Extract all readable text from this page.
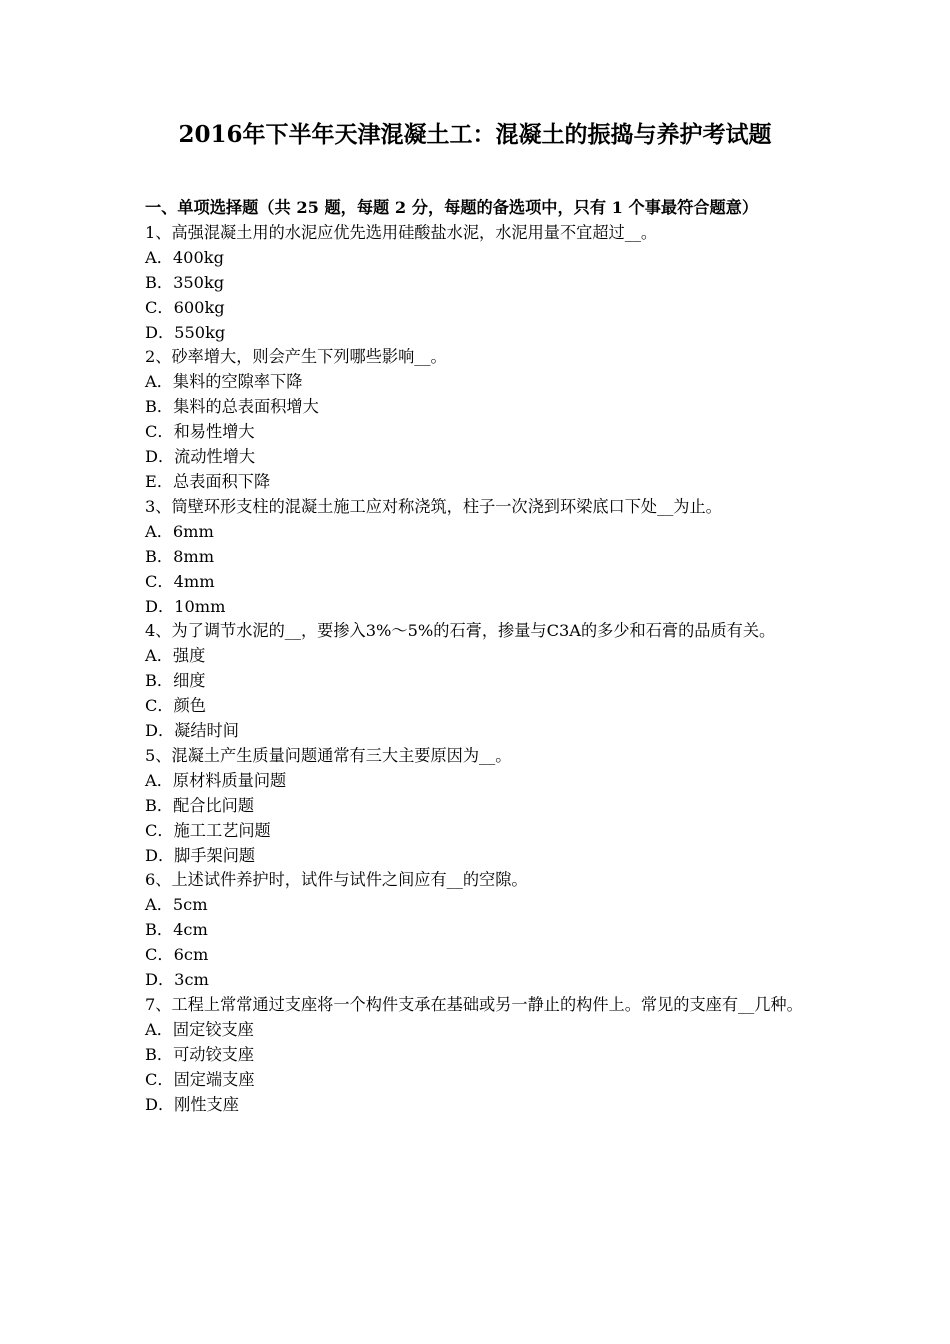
2016年下半年天津混凝土工：混凝土的振捣与养护考试题
一、单项选择题（共 25 题，每题 2 分，每题的备选项中，只有 1 个事最符合题意）
1、高强混凝土用的水泥应优先选用硅酸盐水泥，水泥用量不宜超过__。
A．400kg
B．350kg
C．600kg
D．550kg
2、砂率增大，则会产生下列哪些影响__。
A．集料的空隙率下降
B．集料的总表面积增大
C．和易性增大
D．流动性增大
E．总表面积下降
3、筒壁环形支柱的混凝土施工应对称浇筑，柱子一次浇到环梁底口下处__为止。
A．6mm
B．8mm
C．4mm
D．10mm
4、为了调节水泥的__，要掺入3%～5%的石膏，掺量与C3A的多少和石膏的品质有关。
A．强度
B．细度
C．颜色
D．凝结时间
5、混凝土产生质量问题通常有三大主要原因为__。
A．原材料质量问题
B．配合比问题
C．施工工艺问题
D．脚手架问题
6、上述试件养护时，试件与试件之间应有__的空隙。
A．5cm
B．4cm
C．6cm
D．3cm
7、工程上常常通过支座将一个构件支承在基础或另一静止的构件上。常见的支座有__几种。
A．固定铰支座
B．可动铰支座
C．固定端支座
D．刚性支座
